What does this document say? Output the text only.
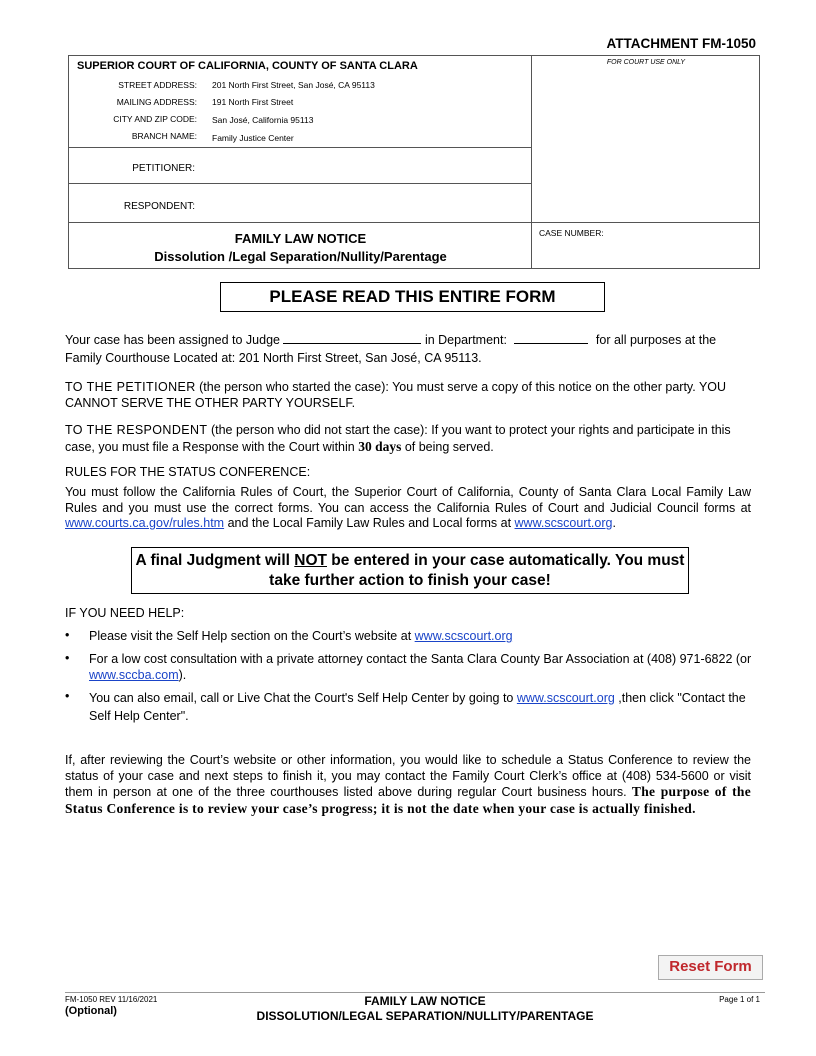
ATTACHMENT FM-1050
SUPERIOR COURT OF CALIFORNIA, COUNTY OF SANTA CLARA
STREET ADDRESS: 201 North First Street, San José, CA 95113
MAILING ADDRESS: 191 North First Street
CITY AND ZIP CODE: San José, California 95113
BRANCH NAME: Family Justice Center
PETITIONER:
RESPONDENT:
FAMILY LAW NOTICE
Dissolution /Legal Separation/Nullity/Parentage
FOR COURT USE ONLY
CASE NUMBER:
PLEASE READ THIS ENTIRE FORM
Your case has been assigned to Judge	in Department:	for all purposes at the
Family Courthouse Located at: 201 North First Street, San José, CA 95113.
TO THE PETITIONER (the person who started the case): You must serve a copy of this notice on the other party. YOU CANNOT SERVE THE OTHER PARTY YOURSELF.
TO THE RESPONDENT (the person who did not start the case): If you want to protect your rights and participate in this case, you must file a Response with the Court within 30 days of being served.
RULES FOR THE STATUS CONFERENCE:
You must follow the California Rules of Court, the Superior Court of California, County of Santa Clara Local Family Law Rules and you must use the correct forms. You can access the California Rules of Court and Judicial Council forms at www.courts.ca.gov/rules.htm and the Local Family Law Rules and Local forms at www.scscourt.org.
A final Judgment will NOT be entered in your case automatically. You must take further action to finish your case!
IF YOU NEED HELP:
• Please visit the Self Help section on the Court’s website at www.scscourt.org
• For a low cost consultation with a private attorney contact the Santa Clara County Bar Association at (408) 971-6822 (or www.sccba.com).
• You can also email, call or Live Chat the Court's Self Help Center by going to www.scscourt.org ,then click "Contact the Self Help Center".
If, after reviewing the Court’s website or other information, you would like to schedule a Status Conference to review the status of your case and next steps to finish it, you may contact the Family Court Clerk’s office at (408) 534-5600 or visit them in person at one of the three courthouses listed above during regular Court business hours. The purpose of the Status Conference is to review your case’s progress; it is not the date when your case is actually finished.
Reset Form
FM-1050 REV 11/16/2021
(Optional)
FAMILY LAW NOTICE
DISSOLUTION/LEGAL SEPARATION/NULLITY/PARENTAGE
Page 1 of 1
